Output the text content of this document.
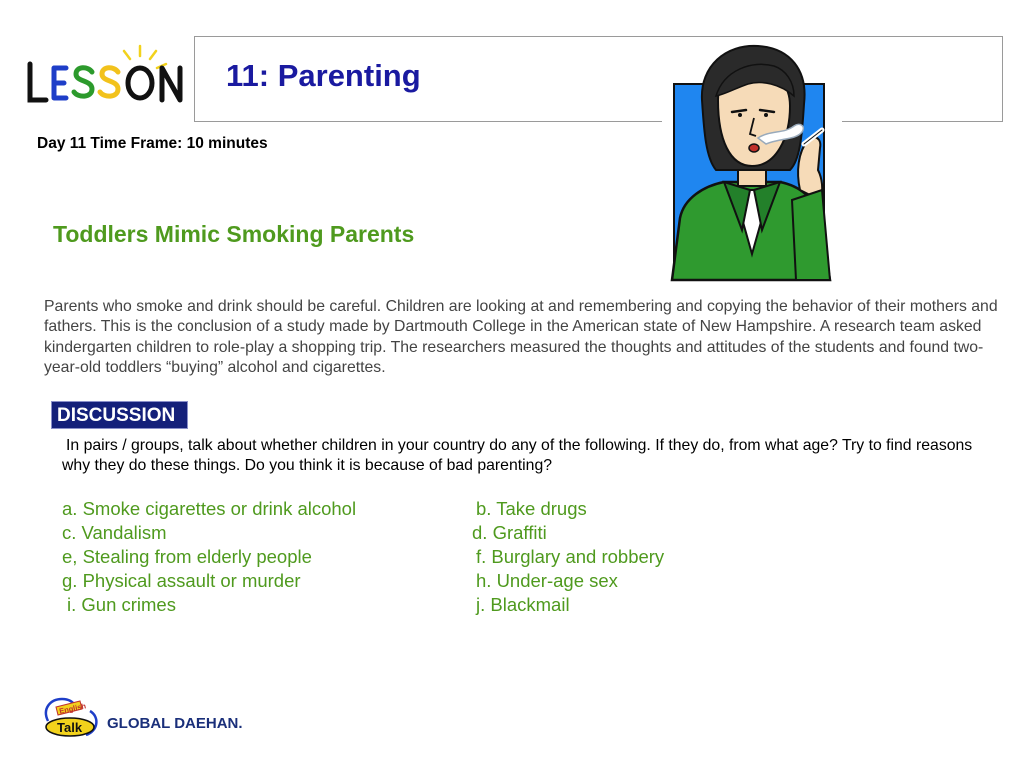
11: Parenting
Day 11 Time Frame: 10 minutes
Toddlers Mimic Smoking Parents
Parents who smoke and drink should be careful. Children are looking at and remembering and copying the behavior of their mothers and fathers. This is the conclusion of a study made by Dartmouth College in the American state of New Hampshire. A research team asked kindergarten children to role-play a shopping trip. The researchers measured the thoughts and attitudes of the students and found two-year-old toddlers “buying” alcohol and cigarettes.
DISCUSSION
In pairs / groups, talk about whether children in your country do any of the following. If they do, from what age? Try to find reasons why they do these things. Do you think it is because of bad parenting?
a. Smoke cigarettes or drink alcohol
c. Vandalism
e, Stealing from elderly people
g. Physical assault or murder
i. Gun crimes
b. Take drugs
d. Graffiti
f. Burglary and robbery
h. Under-age sex
j. Blackmail
English
Talk GLOBAL DAEHAN.
